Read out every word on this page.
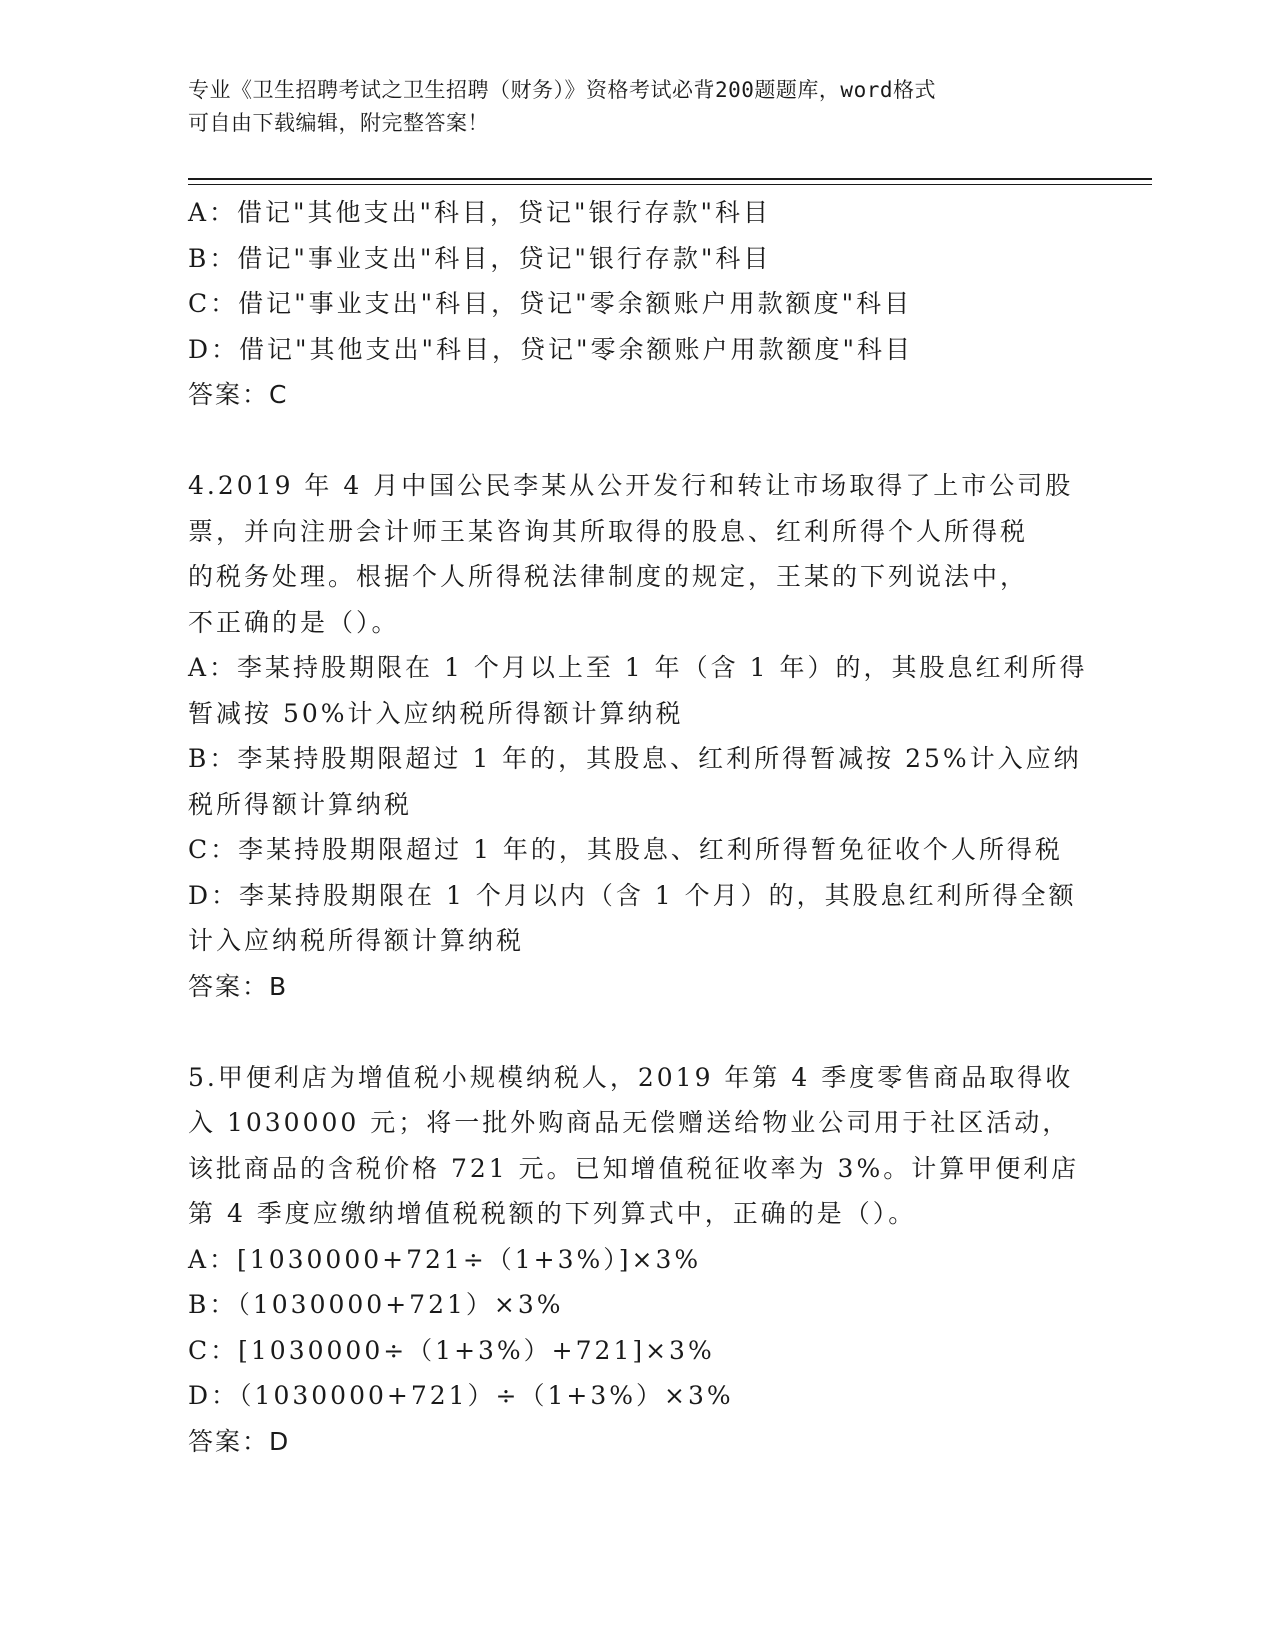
专业《卫生招聘考试之卫生招聘（财务）》资格考试必背200题题库，word格式
可自由下载编辑，附完整答案！
A：借记"其他支出"科目，贷记"银行存款"科目
B：借记"事业支出"科目，贷记"银行存款"科目
C：借记"事业支出"科目，贷记"零余额账户用款额度"科目
D：借记"其他支出"科目，贷记"零余额账户用款额度"科目
答案：C
4.2019 年 4 月中国公民李某从公开发行和转让市场取得了上市公司股
票，并向注册会计师王某咨询其所取得的股息、红利所得个人所得税
的税务处理。根据个人所得税法律制度的规定，王某的下列说法中，
不正确的是（）。
A：李某持股期限在 1 个月以上至 1 年（含 1 年）的，其股息红利所得
暂减按 50%计入应纳税所得额计算纳税
B：李某持股期限超过 1 年的，其股息、红利所得暂减按 25%计入应纳
税所得额计算纳税
C：李某持股期限超过 1 年的，其股息、红利所得暂免征收个人所得税
D：李某持股期限在 1 个月以内（含 1 个月）的，其股息红利所得全额
计入应纳税所得额计算纳税
答案：B
5.甲便利店为增值税小规模纳税人，2019 年第 4 季度零售商品取得收
入 1030000 元；将一批外购商品无偿赠送给物业公司用于社区活动，
该批商品的含税价格 721 元。已知增值税征收率为 3%。计算甲便利店
第 4 季度应缴纳增值税税额的下列算式中，正确的是（）。
A：[1030000+721÷（1+3%）]×3%
B：（1030000+721）×3%
C：[1030000÷（1+3%）+721]×3%
D：（1030000+721）÷（1+3%）×3%
答案：D
